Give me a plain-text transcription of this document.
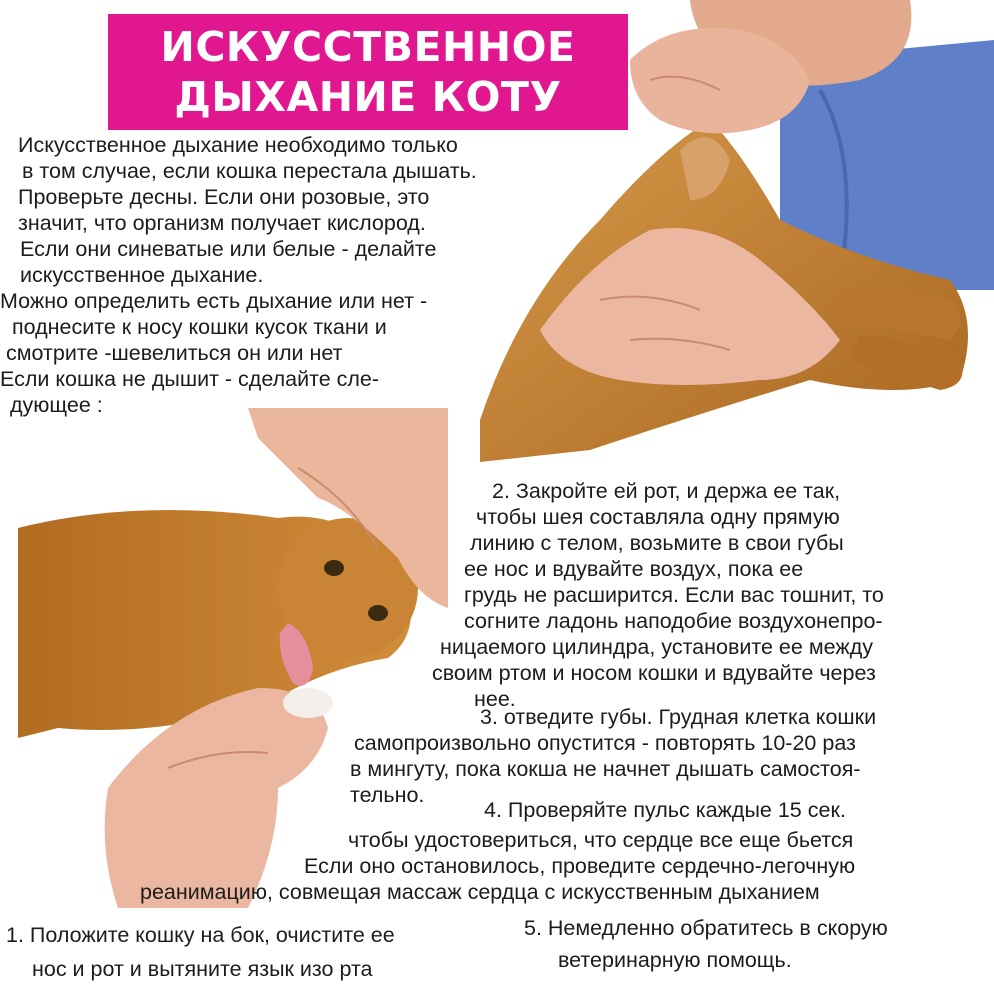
ИСКУССТВЕННОЕ
ДЫХАНИЕ КОТУ
Искусственное дыхание необходимо только
в том случае, если кошка перестала дышать.
Проверьте десны. Если они розовые, это
значит, что организм получает кислород.
Если они синеватые или белые - делайте
искусственное дыхание.
Можно определить есть дыхание или нет -
поднесите к носу кошки кусок ткани и
смотрите -шевелиться он или нет
Если кошка не дышит - сделайте сле-
дующее :
2. Закройте ей рот, и держа ее так,
чтобы шея составляла одну прямую
линию с телом, возьмите в свои губы
ее нос и вдувайте воздух, пока ее
грудь не расширится. Если вас тошнит, то
согните ладонь наподобие воздухонепро-
ницаемого цилиндра, установите ее между
своим ртом и носом кошки и вдувайте через
нее.
3. отведите губы. Грудная клетка кошки
самопроизвольно опустится - повторять 10-20 раз
в мингуту, пока кокша не начнет дышать самостоя-
тельно.
4. Проверяйте пульс каждые 15 сек.
чтобы удостовериться, что сердце все еще бьется
Если оно остановилось, проведите сердечно-легочную
реанимацию, совмещая массаж сердца с искусственным дыханием
1. Положите кошку на бок, очистите ее
нос и рот и вытяните язык изо рта
5. Немедленно обратитесь в скорую
ветеринарную помощь.
